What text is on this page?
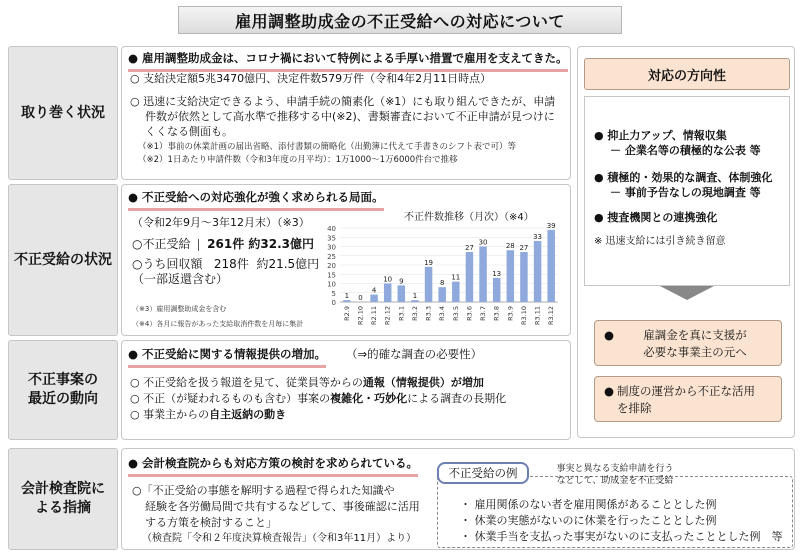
雇用調整助成金の不正受給への対応について
取り巻く状況
不正受給の状況
不正事案の
最近の動向
会計検査院に
よる指摘
● 雇用調整助成金は、コロナ禍において特例による手厚い措置で雇用を支えてきた。
○ 支給決定額5兆3470億円、決定件数579万件（令和4年2月11日時点）
○ 迅速に支給決定できるよう、申請手続の簡素化（※1）にも取り組んできたが、申請
件数が依然として高水準で推移する中(※2)、書類審査において不正申請が見つけに
くくなる側面も。
（※1）事前の休業計画の届出省略、添付書類の簡略化（出勤簿に代えて手書きのシフト表で可）等
（※2）1日あたり申請件数（令和3年度の月平均）：1万1000～1万6000件台で推移
● 不正受給への対応強化が強く求められる局面。
（令和2年9月～3年12月末）（※3）
○不正受給 261件 約32.3億円
○うち回収額   218件  約21.5億円
（一部返還含む）
（※3）雇用調整助成金を含む
（※4）各月に報告があった支給取消件数を月毎に集計
不正件数推移（月次）（※4）
0
5
10
15
20
25
30
35
40
1
R2.9
0
R2.10
4
R2.11
10
R2.12
9
R3.1
1
R3.2
19
R3.3
8
R3.4
11
R3.5
27
R3.6
30
R3.7
13
R3.8
28
R3.9
27
R3.10
33
R3.11
39
R3.12
● 不正受給に関する情報提供の増加。 （⇒的確な調査の必要性）
○ 不正受給を扱う報道を見て、従業員等からの通報（情報提供）が増加
○ 不正（が疑われるものも含む）事案の複雑化・巧妙化による調査の長期化
○ 事業主からの自主返納の動き
● 会計検査院からも対応方策の検討を求められている。
○「不正受給の事態を解明する過程で得られた知識や
経験を各労働局間で共有するなどして、事後確認に活用
する方策を検討すること」
（検査院「令和２年度決算検査報告」（令和3年11月）より）
不正受給の例	事実と異なる支給申請を行う
などして、助成金を不正受給
・ 雇用関係のない者を雇用関係があることとした例
・ 休業の実態がないのに休業を行ったこととした例
・ 休業手当を支払った事実がないのに支払ったこととした例　等
対応の方向性
● 抑止力アップ、情報収集
－ 企業名等の積極的な公表 等
● 積極的・効果的な調査、体制強化
－ 事前予告なしの現地調査 等
● 捜査機関との連携強化
※ 迅速支給には引き続き留意
●	雇調金を真に支援が
必要な事業主の元へ
● 制度の運営から不正な活用
を排除
